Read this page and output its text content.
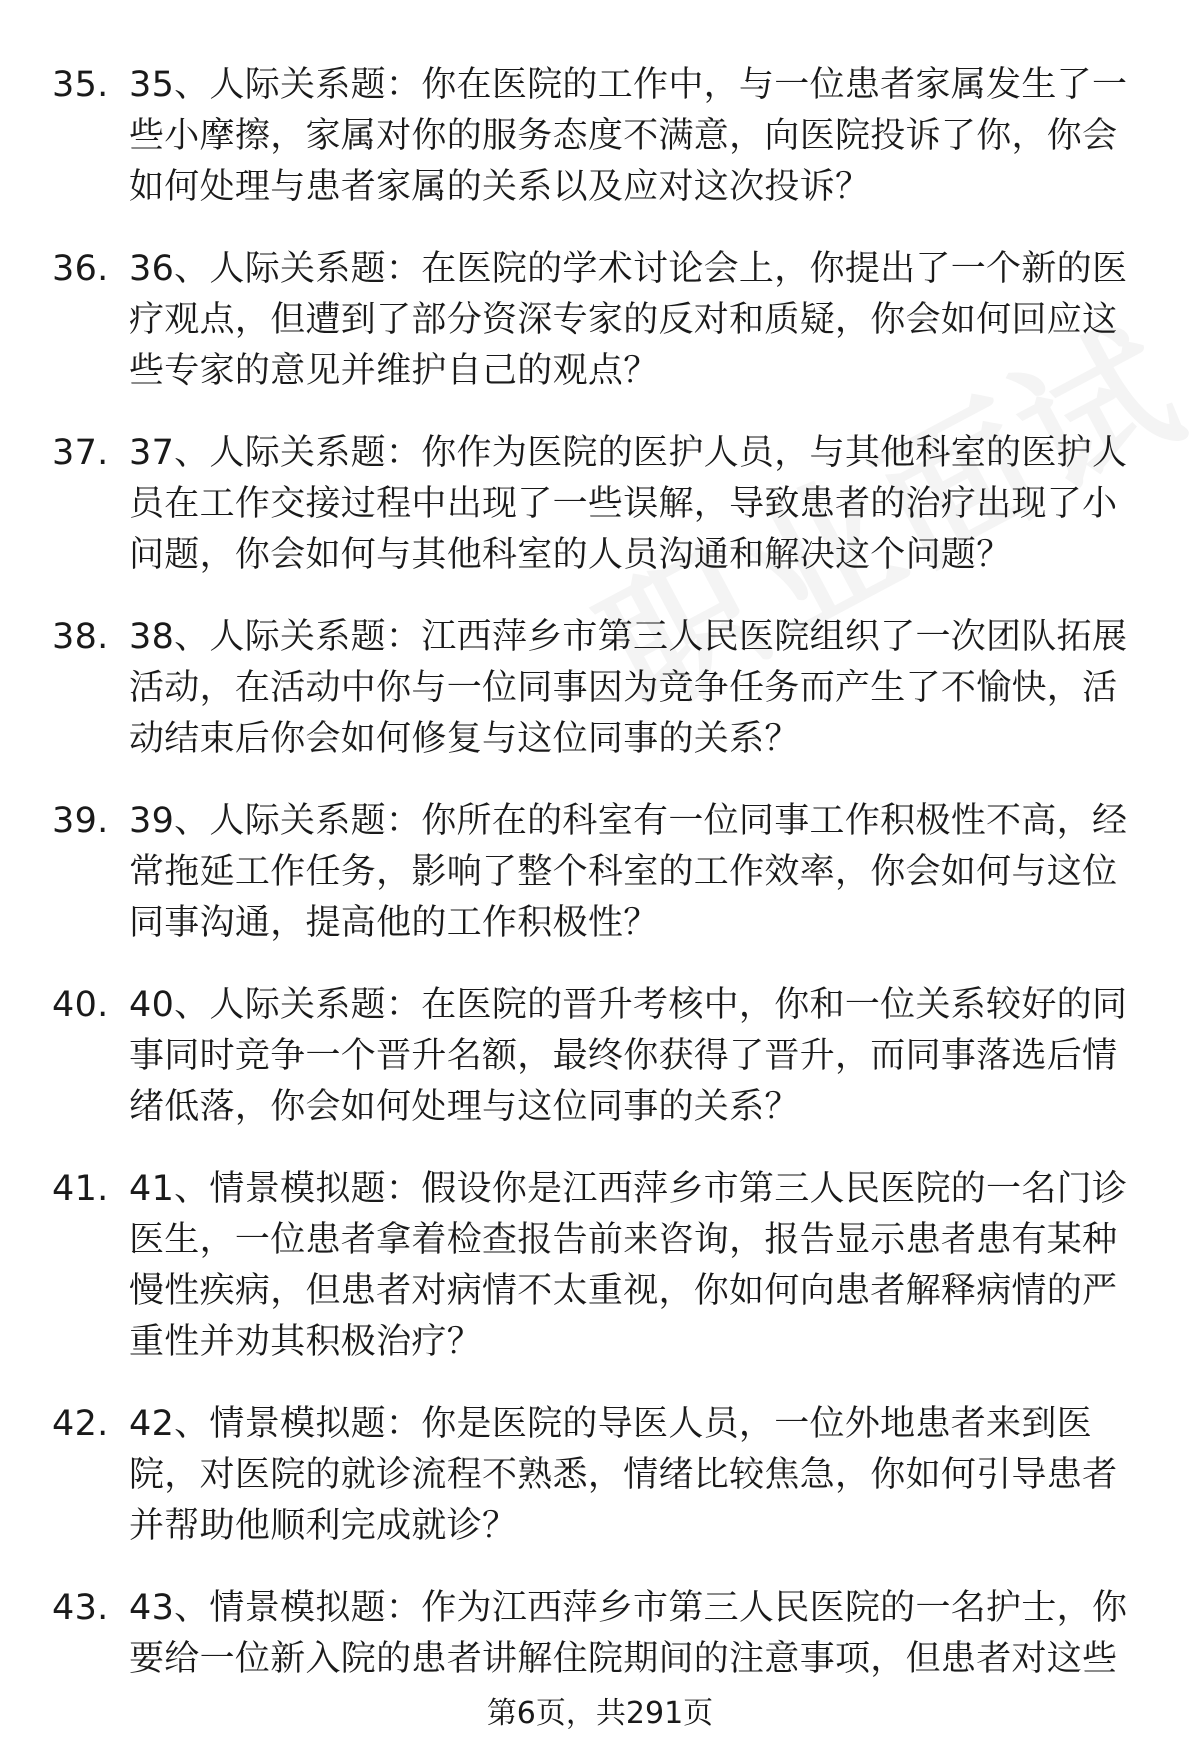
35. 35、人际关系题：你在医院的工作中，与一位患者家属发生了一些小摩擦，家属对你的服务态度不满意，向医院投诉了你，你会如何处理与患者家属的关系以及应对这次投诉？
36. 36、人际关系题：在医院的学术讨论会上，你提出了一个新的医疗观点，但遭到了部分资深专家的反对和质疑，你会如何回应这些专家的意见并维护自己的观点？
37. 37、人际关系题：你作为医院的医护人员，与其他科室的医护人员在工作交接过程中出现了一些误解，导致患者的治疗出现了小问题，你会如何与其他科室的人员沟通和解决这个问题？
38. 38、人际关系题：江西萍乡市第三人民医院组织了一次团队拓展活动，在活动中你与一位同事因为竞争任务而产生了不愉快，活动结束后你会如何修复与这位同事的关系？
39. 39、人际关系题：你所在的科室有一位同事工作积极性不高，经常拖延工作任务，影响了整个科室的工作效率，你会如何与这位同事沟通，提高他的工作积极性？
40. 40、人际关系题：在医院的晋升考核中，你和一位关系较好的同事同时竞争一个晋升名额，最终你获得了晋升，而同事落选后情绪低落，你会如何处理与这位同事的关系？
41. 41、情景模拟题：假设你是江西萍乡市第三人民医院的一名门诊医生，一位患者拿着检查报告前来咨询，报告显示患者患有某种慢性疾病，但患者对病情不太重视，你如何向患者解释病情的严重性并劝其积极治疗？
42. 42、情景模拟题：你是医院的导医人员，一位外地患者来到医院，对医院的就诊流程不熟悉，情绪比较焦急，你如何引导患者并帮助他顺利完成就诊？
43. 43、情景模拟题：作为江西萍乡市第三人民医院的一名护士，你要给一位新入院的患者讲解住院期间的注意事项，但患者对这些
第6页，共291页
